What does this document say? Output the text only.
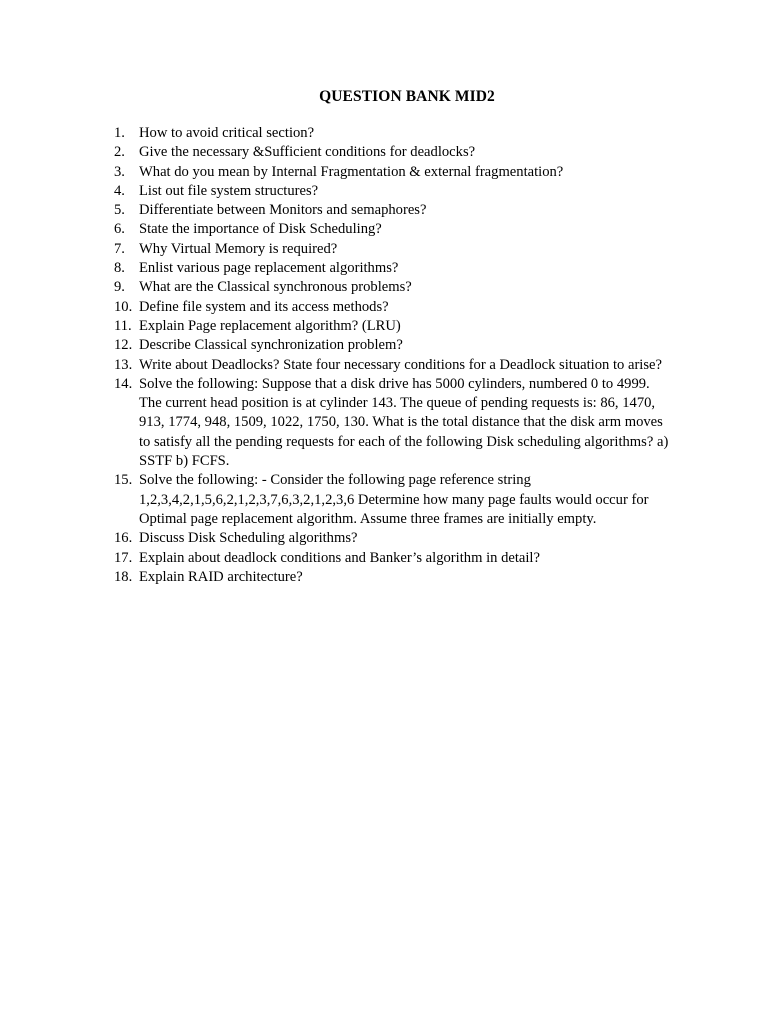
QUESTION BANK MID2
1. How to avoid critical section?
2. Give the necessary &Sufficient conditions for deadlocks?
3. What do you mean by Internal Fragmentation & external fragmentation?
4. List out file system structures?
5. Differentiate between Monitors and semaphores?
6. State the importance of Disk Scheduling?
7. Why Virtual Memory is required?
8. Enlist various page replacement algorithms?
9. What are the Classical synchronous problems?
10. Define file system and its access methods?
11. Explain Page replacement algorithm? (LRU)
12. Describe Classical synchronization problem?
13. Write about Deadlocks? State four necessary conditions for a Deadlock situation to arise?
14. Solve the following: Suppose that a disk drive has 5000 cylinders, numbered 0 to 4999. The current head position is at cylinder 143. The queue of pending requests is: 86, 1470, 913, 1774, 948, 1509, 1022, 1750, 130. What is the total distance that the disk arm moves to satisfy all the pending requests for each of the following Disk scheduling algorithms? a) SSTF b) FCFS.
15. Solve the following: - Consider the following page reference string 1,2,3,4,2,1,5,6,2,1,2,3,7,6,3,2,1,2,3,6 Determine how many page faults would occur for Optimal page replacement algorithm. Assume three frames are initially empty.
16. Discuss Disk Scheduling algorithms?
17. Explain about deadlock conditions and Banker’s algorithm in detail?
18. Explain RAID architecture?
